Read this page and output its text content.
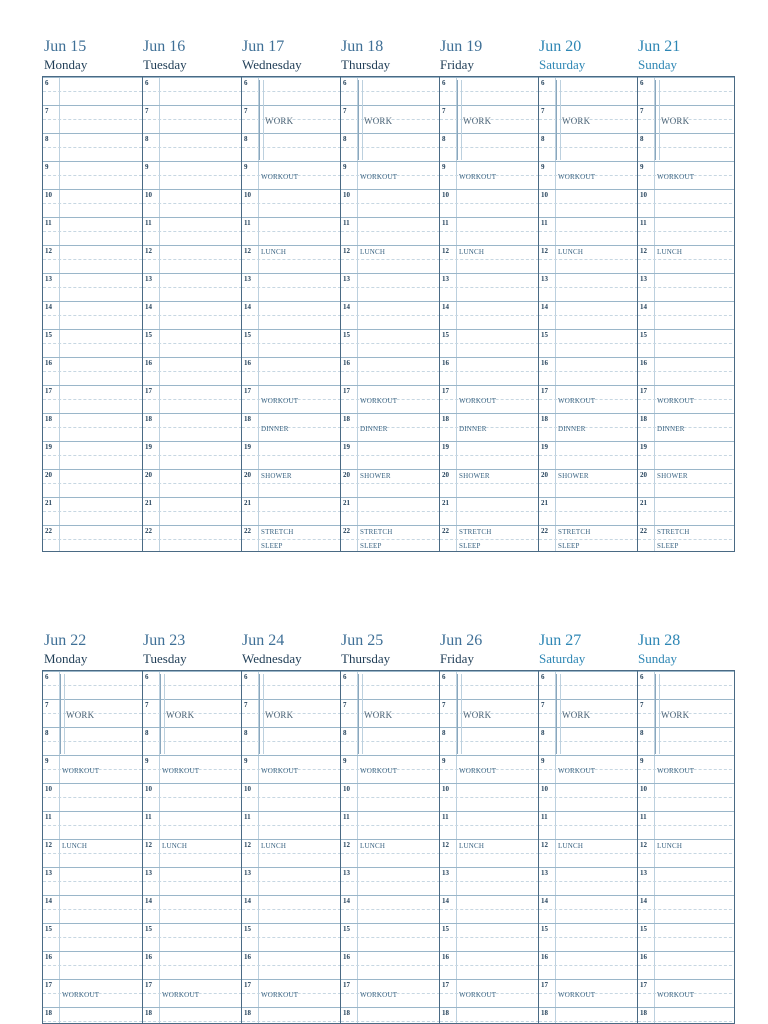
Jun 15
Monday
Jun 16
Tuesday
Jun 17
Wednesday
Jun 18
Thursday
Jun 19
Friday
Jun 20
Saturday
Jun 21
Sunday
6
7
8
9
10
11
12
13
14
15
16
17
18
19
20
21
22
6
7
8
9
10
11
12
13
14
15
16
17
18
19
20
21
22
6
7
8
9
10
11
12
13
14
15
16
17
18
19
20
21
22
WORK
WORKOUT
LUNCH
WORKOUT
DINNER
SHOWER
STRETCH
SLEEP
6
7
8
9
10
11
12
13
14
15
16
17
18
19
20
21
22
WORK
WORKOUT
LUNCH
WORKOUT
DINNER
SHOWER
STRETCH
SLEEP
6
7
8
9
10
11
12
13
14
15
16
17
18
19
20
21
22
WORK
WORKOUT
LUNCH
WORKOUT
DINNER
SHOWER
STRETCH
SLEEP
6
7
8
9
10
11
12
13
14
15
16
17
18
19
20
21
22
WORK
WORKOUT
LUNCH
WORKOUT
DINNER
SHOWER
STRETCH
SLEEP
6
7
8
9
10
11
12
13
14
15
16
17
18
19
20
21
22
WORK
WORKOUT
LUNCH
WORKOUT
DINNER
SHOWER
STRETCH
SLEEP
Jun 22
Monday
Jun 23
Tuesday
Jun 24
Wednesday
Jun 25
Thursday
Jun 26
Friday
Jun 27
Saturday
Jun 28
Sunday
6
7
8
9
10
11
12
13
14
15
16
17
18
WORK
WORKOUT
LUNCH
WORKOUT
6
7
8
9
10
11
12
13
14
15
16
17
18
WORK
WORKOUT
LUNCH
WORKOUT
6
7
8
9
10
11
12
13
14
15
16
17
18
WORK
WORKOUT
LUNCH
WORKOUT
6
7
8
9
10
11
12
13
14
15
16
17
18
WORK
WORKOUT
LUNCH
WORKOUT
6
7
8
9
10
11
12
13
14
15
16
17
18
WORK
WORKOUT
LUNCH
WORKOUT
6
7
8
9
10
11
12
13
14
15
16
17
18
WORK
WORKOUT
LUNCH
WORKOUT
6
7
8
9
10
11
12
13
14
15
16
17
18
WORK
WORKOUT
LUNCH
WORKOUT
